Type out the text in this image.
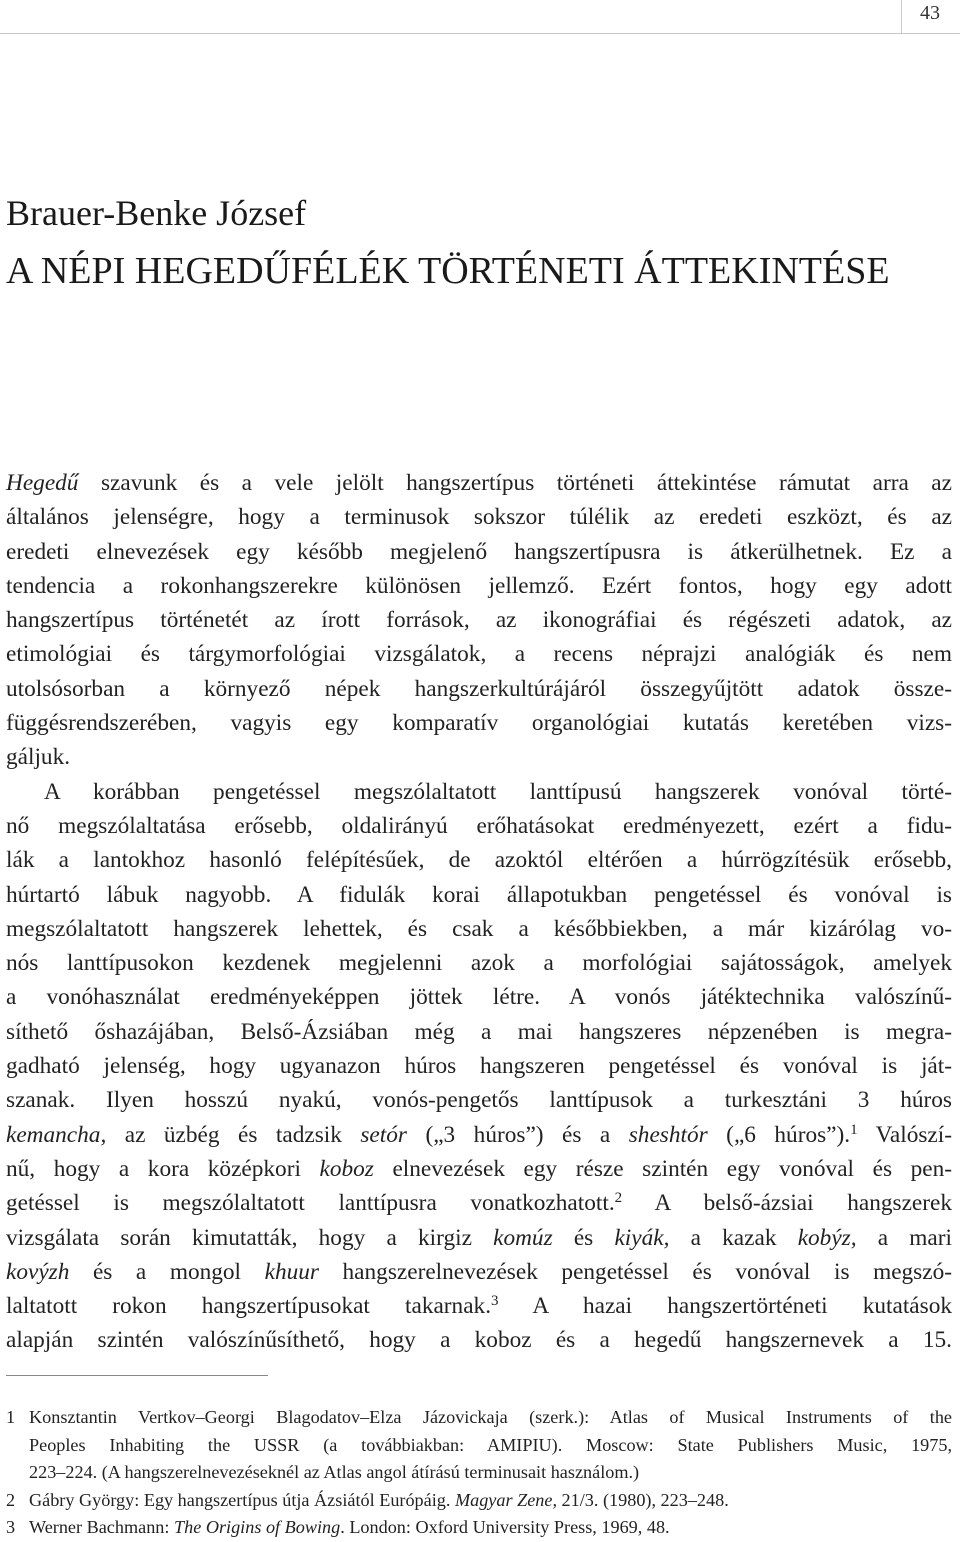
43
Brauer-Benke József
A NÉPI HEGEDŰFÉLÉK TÖRTÉNETI ÁTTEKINTÉSE
Hegedű szavunk és a vele jelölt hangszertípus történeti áttekintése rámutat arra az
általános jelenségre, hogy a terminusok sokszor túlélik az eredeti eszközt, és az
eredeti elnevezések egy később megjelenő hangszertípusra is átkerülhetnek. Ez a
tendencia a rokonhangszerekre különösen jellemző. Ezért fontos, hogy egy adott
hangszertípus történetét az írott források, az ikonográfiai és régészeti adatok, az
etimológiai és tárgymorfológiai vizsgálatok, a recens néprajzi analógiák és nem
utolsósorban a környező népek hangszerkultúrájáról összegyűjtött adatok össze-
függésrendszerében, vagyis egy komparatív organológiai kutatás keretében vizs-
gáljuk.
A korábban pengetéssel megszólaltatott lanttípusú hangszerek vonóval törté-
nő megszólaltatása erősebb, oldalirányú erőhatásokat eredményezett, ezért a fidu-
lák a lantokhoz hasonló felépítésűek, de azoktól eltérően a húrrögzítésük erősebb,
húrtartó lábuk nagyobb. A fidulák korai állapotukban pengetéssel és vonóval is
megszólaltatott hangszerek lehettek, és csak a későbbiekben, a már kizárólag vo-
nós lanttípusokon kezdenek megjelenni azok a morfológiai sajátosságok, amelyek
a vonóhasználat eredményeképpen jöttek létre. A vonós játéktechnika valószínű-
síthető őshazájában, Belső-Ázsiában még a mai hangszeres népzenében is megra-
gadható jelenség, hogy ugyanazon húros hangszeren pengetéssel és vonóval is ját-
szanak. Ilyen hosszú nyakú, vonós-pengetős lanttípusok a turkesztáni 3 húros
kemancha, az üzbég és tadzsik setór („3 húros”) és a sheshtór („6 húros”).$^1$ Valószí-
nű, hogy a kora középkori koboz elnevezések egy része szintén egy vonóval és pen-
getéssel is megszólaltatott lanttípusra vonatkozhatott.$^2$ A belső-ázsiai hangszerek
vizsgálata során kimutatták, hogy a kirgiz komúz és kiyák, a kazak kobýz, a mari
kovýzh és a mongol khuur hangszerelnevezések pengetéssel és vonóval is megszó-
laltatott rokon hangszertípusokat takarnak.$^3$ A hazai hangszertörténeti kutatások
alapján szintén valószínűsíthető, hogy a koboz és a hegedű hangszernevek a 15.
1 Konsztantin Vertkov–Georgi Blagodatov–Elza Jázovickaja (szerk.): Atlas of Musical Instruments of the
Peoples Inhabiting the USSR (a továbbiakban: AMIPIU). Moscow: State Publishers Music, 1975,
223–224. (A hangszerelnevezéseknél az Atlas angol átírású terminusait használom.)
2 Gábry György: Egy hangszertípus útja Ázsiától Európáig. Magyar Zene, 21/3. (1980), 223–248.
3 Werner Bachmann: The Origins of Bowing. London: Oxford University Press, 1969, 48.
